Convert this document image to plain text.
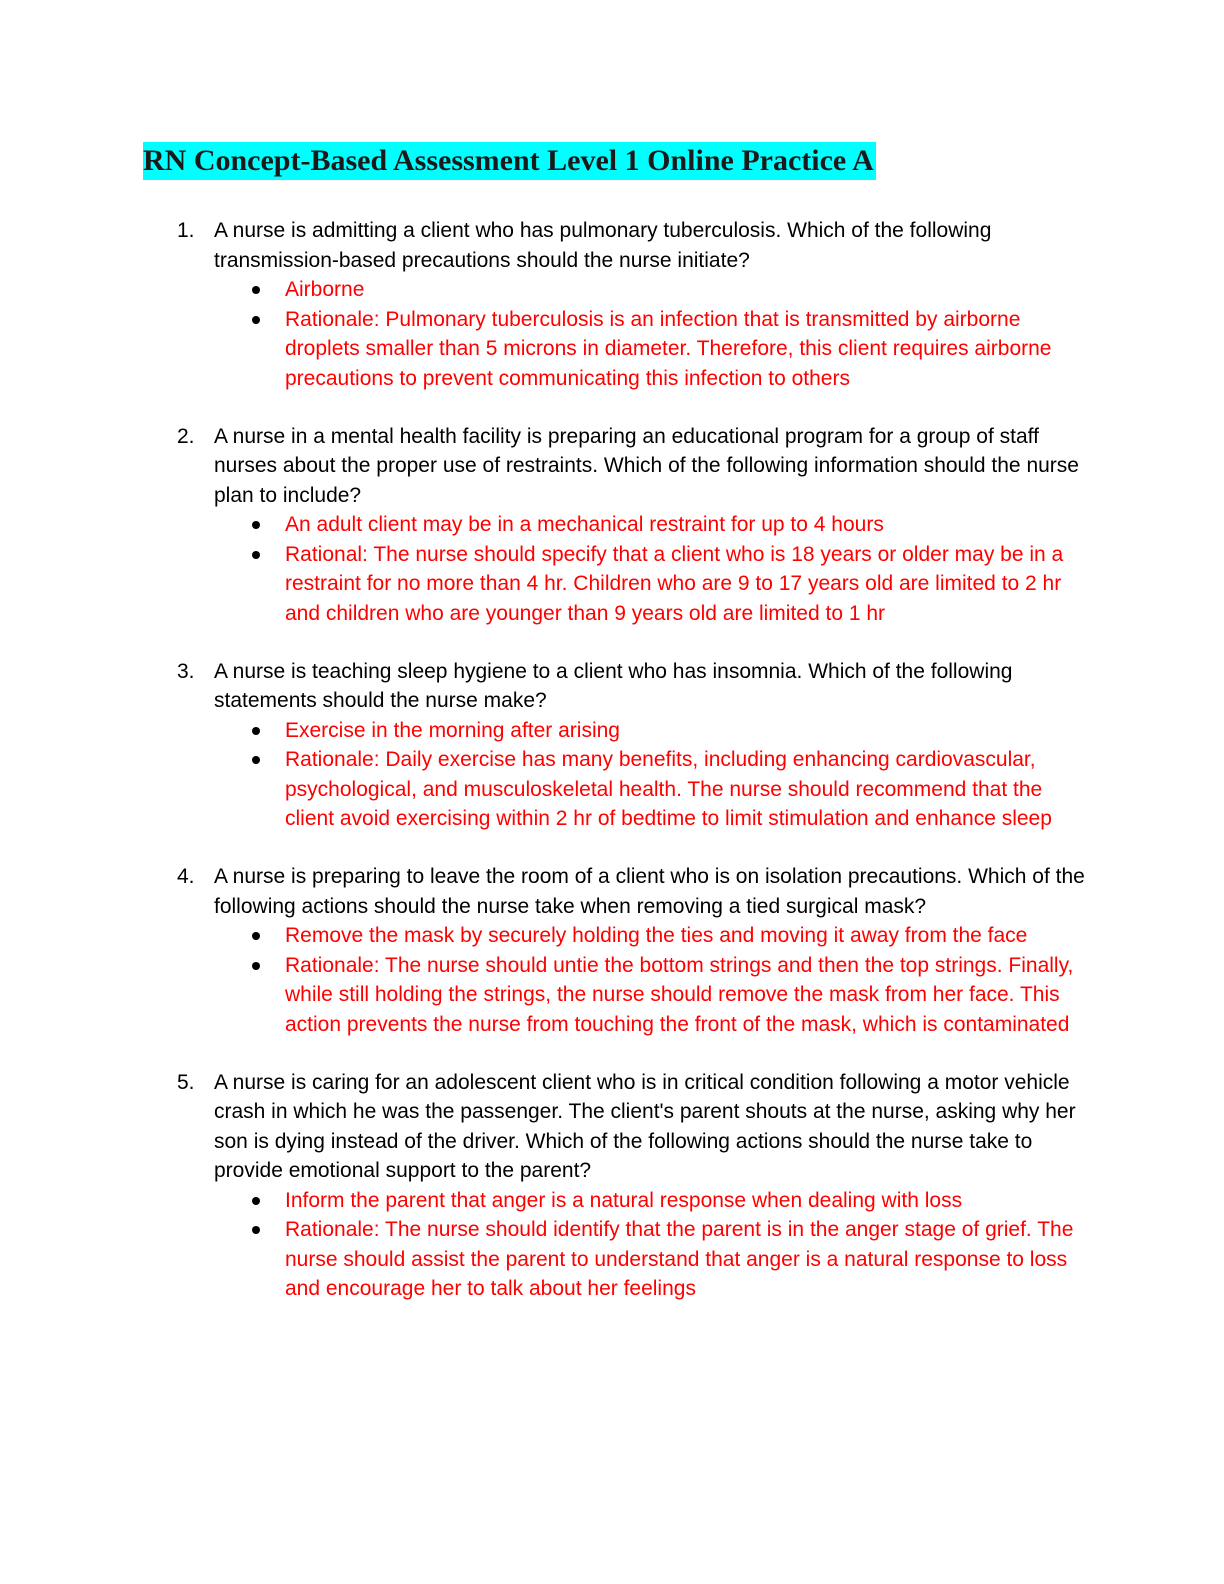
RN Concept-Based Assessment Level 1 Online Practice A
1. A nurse is admitting a client who has pulmonary tuberculosis. Which of the following transmission-based precautions should the nurse initiate?

Airborne
Rationale: Pulmonary tuberculosis is an infection that is transmitted by airborne droplets smaller than 5 microns in diameter. Therefore, this client requires airborne precautions to prevent communicating this infection to others
2. A nurse in a mental health facility is preparing an educational program for a group of staff nurses about the proper use of restraints. Which of the following information should the nurse plan to include?

An adult client may be in a mechanical restraint for up to 4 hours
Rational: The nurse should specify that a client who is 18 years or older may be in a restraint for no more than 4 hr. Children who are 9 to 17 years old are limited to 2 hr and children who are younger than 9 years old are limited to 1 hr
3. A nurse is teaching sleep hygiene to a client who has insomnia. Which of the following statements should the nurse make?

Exercise in the morning after arising
Rationale: Daily exercise has many benefits, including enhancing cardiovascular, psychological, and musculoskeletal health. The nurse should recommend that the client avoid exercising within 2 hr of bedtime to limit stimulation and enhance sleep
4. A nurse is preparing to leave the room of a client who is on isolation precautions. Which of the following actions should the nurse take when removing a tied surgical mask?

Remove the mask by securely holding the ties and moving it away from the face
Rationale: The nurse should untie the bottom strings and then the top strings. Finally, while still holding the strings, the nurse should remove the mask from her face. This action prevents the nurse from touching the front of the mask, which is contaminated
5. A nurse is caring for an adolescent client who is in critical condition following a motor vehicle crash in which he was the passenger. The client's parent shouts at the nurse, asking why her son is dying instead of the driver. Which of the following actions should the nurse take to provide emotional support to the parent?

Inform the parent that anger is a natural response when dealing with loss
Rationale: The nurse should identify that the parent is in the anger stage of grief. The nurse should assist the parent to understand that anger is a natural response to loss and encourage her to talk about her feelings
